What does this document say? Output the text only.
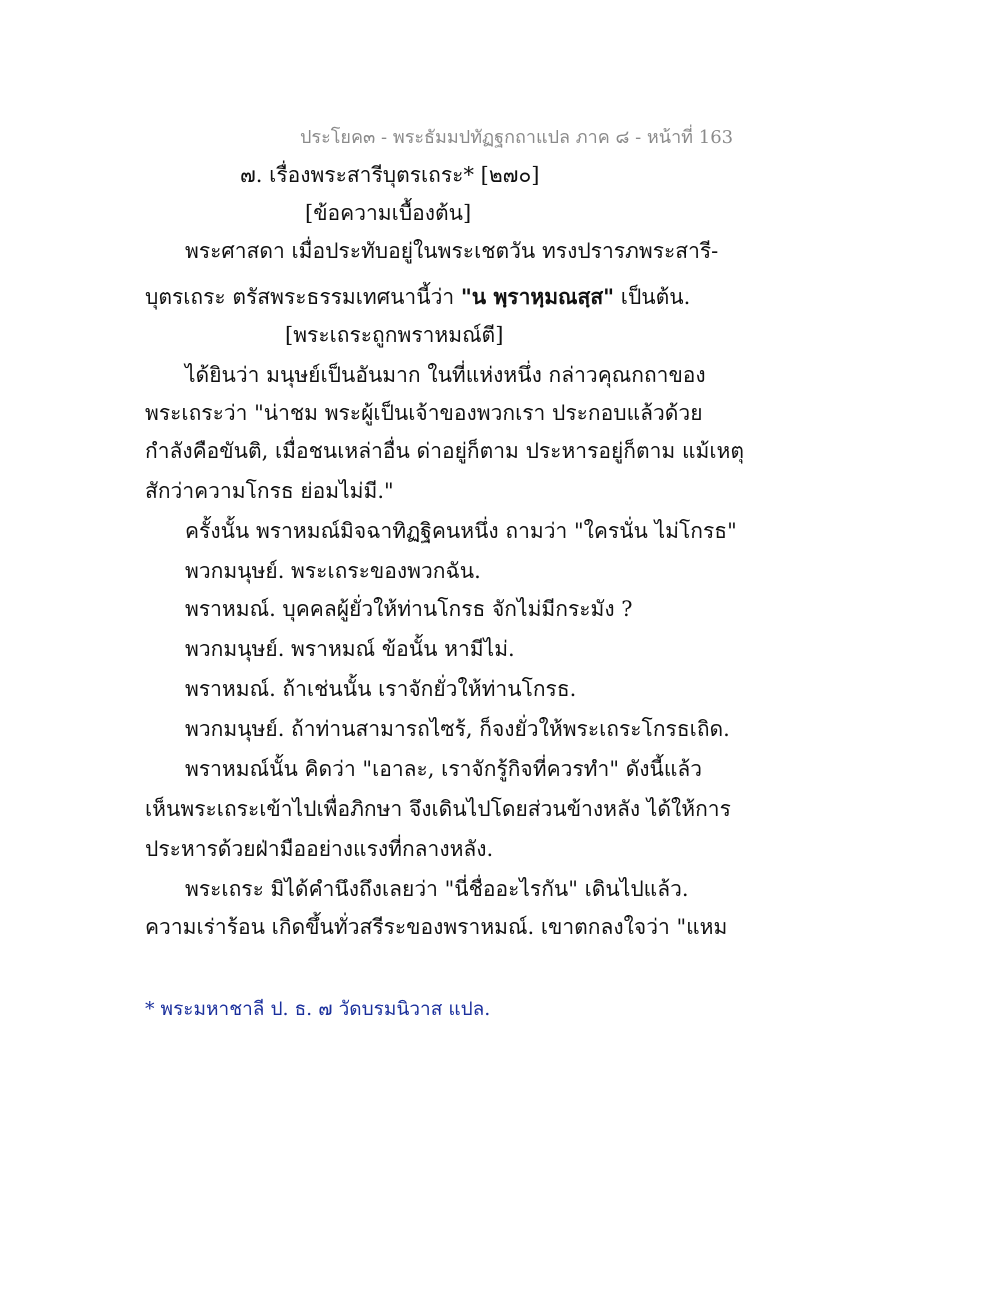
ประโยค๓ - พระธัมมปทัฏฐกถาแปล ภาค ๘ - หน้าที่ 163
๗. เรื่องพระสารีบุตรเถระ* [๒๗๐]
[ข้อความเบื้องต้น]
พระศาสดา เมื่อประทับอยู่ในพระเชตวัน ทรงปรารภพระสารี-
บุตรเถระ ตรัสพระธรรมเทศนานี้ว่า "น พฺราหฺมณสฺส" เป็นต้น.
[พระเถระถูกพราหมณ์ตี]
ได้ยินว่า มนุษย์เป็นอันมาก ในที่แห่งหนึ่ง กล่าวคุณกถาของ
พระเถระว่า "น่าชม พระผู้เป็นเจ้าของพวกเรา ประกอบแล้วด้วย
กำลังคือขันติ, เมื่อชนเหล่าอื่น ด่าอยู่ก็ตาม ประหารอยู่ก็ตาม แม้เหตุ
สักว่าความโกรธ ย่อมไม่มี."
ครั้งนั้น พราหมณ์มิจฉาทิฏฐิคนหนึ่ง ถามว่า "ใครนั่น ไม่โกรธ"
พวกมนุษย์. พระเถระของพวกฉัน.
พราหมณ์. บุคคลผู้ยั่วให้ท่านโกรธ จักไม่มีกระมัง ?
พวกมนุษย์. พราหมณ์ ข้อนั้น หามีไม่.
พราหมณ์. ถ้าเช่นนั้น เราจักยั่วให้ท่านโกรธ.
พวกมนุษย์. ถ้าท่านสามารถไซร้, ก็จงยั่วให้พระเถระโกรธเถิด.
พราหมณ์นั้น คิดว่า "เอาละ, เราจักรู้กิจที่ควรทำ" ดังนี้แล้ว
เห็นพระเถระเข้าไปเพื่อภิกษา จึงเดินไปโดยส่วนข้างหลัง ได้ให้การ
ประหารด้วยฝ่ามืออย่างแรงที่กลางหลัง.
พระเถระ มิได้คำนึงถึงเลยว่า "นี่ชื่ออะไรกัน" เดินไปแล้ว.
ความเร่าร้อน เกิดขึ้นทั่วสรีระของพราหมณ์. เขาตกลงใจว่า "แหม
* พระมหาชาลี ป. ธ. ๗ วัดบรมนิวาส แปล.
